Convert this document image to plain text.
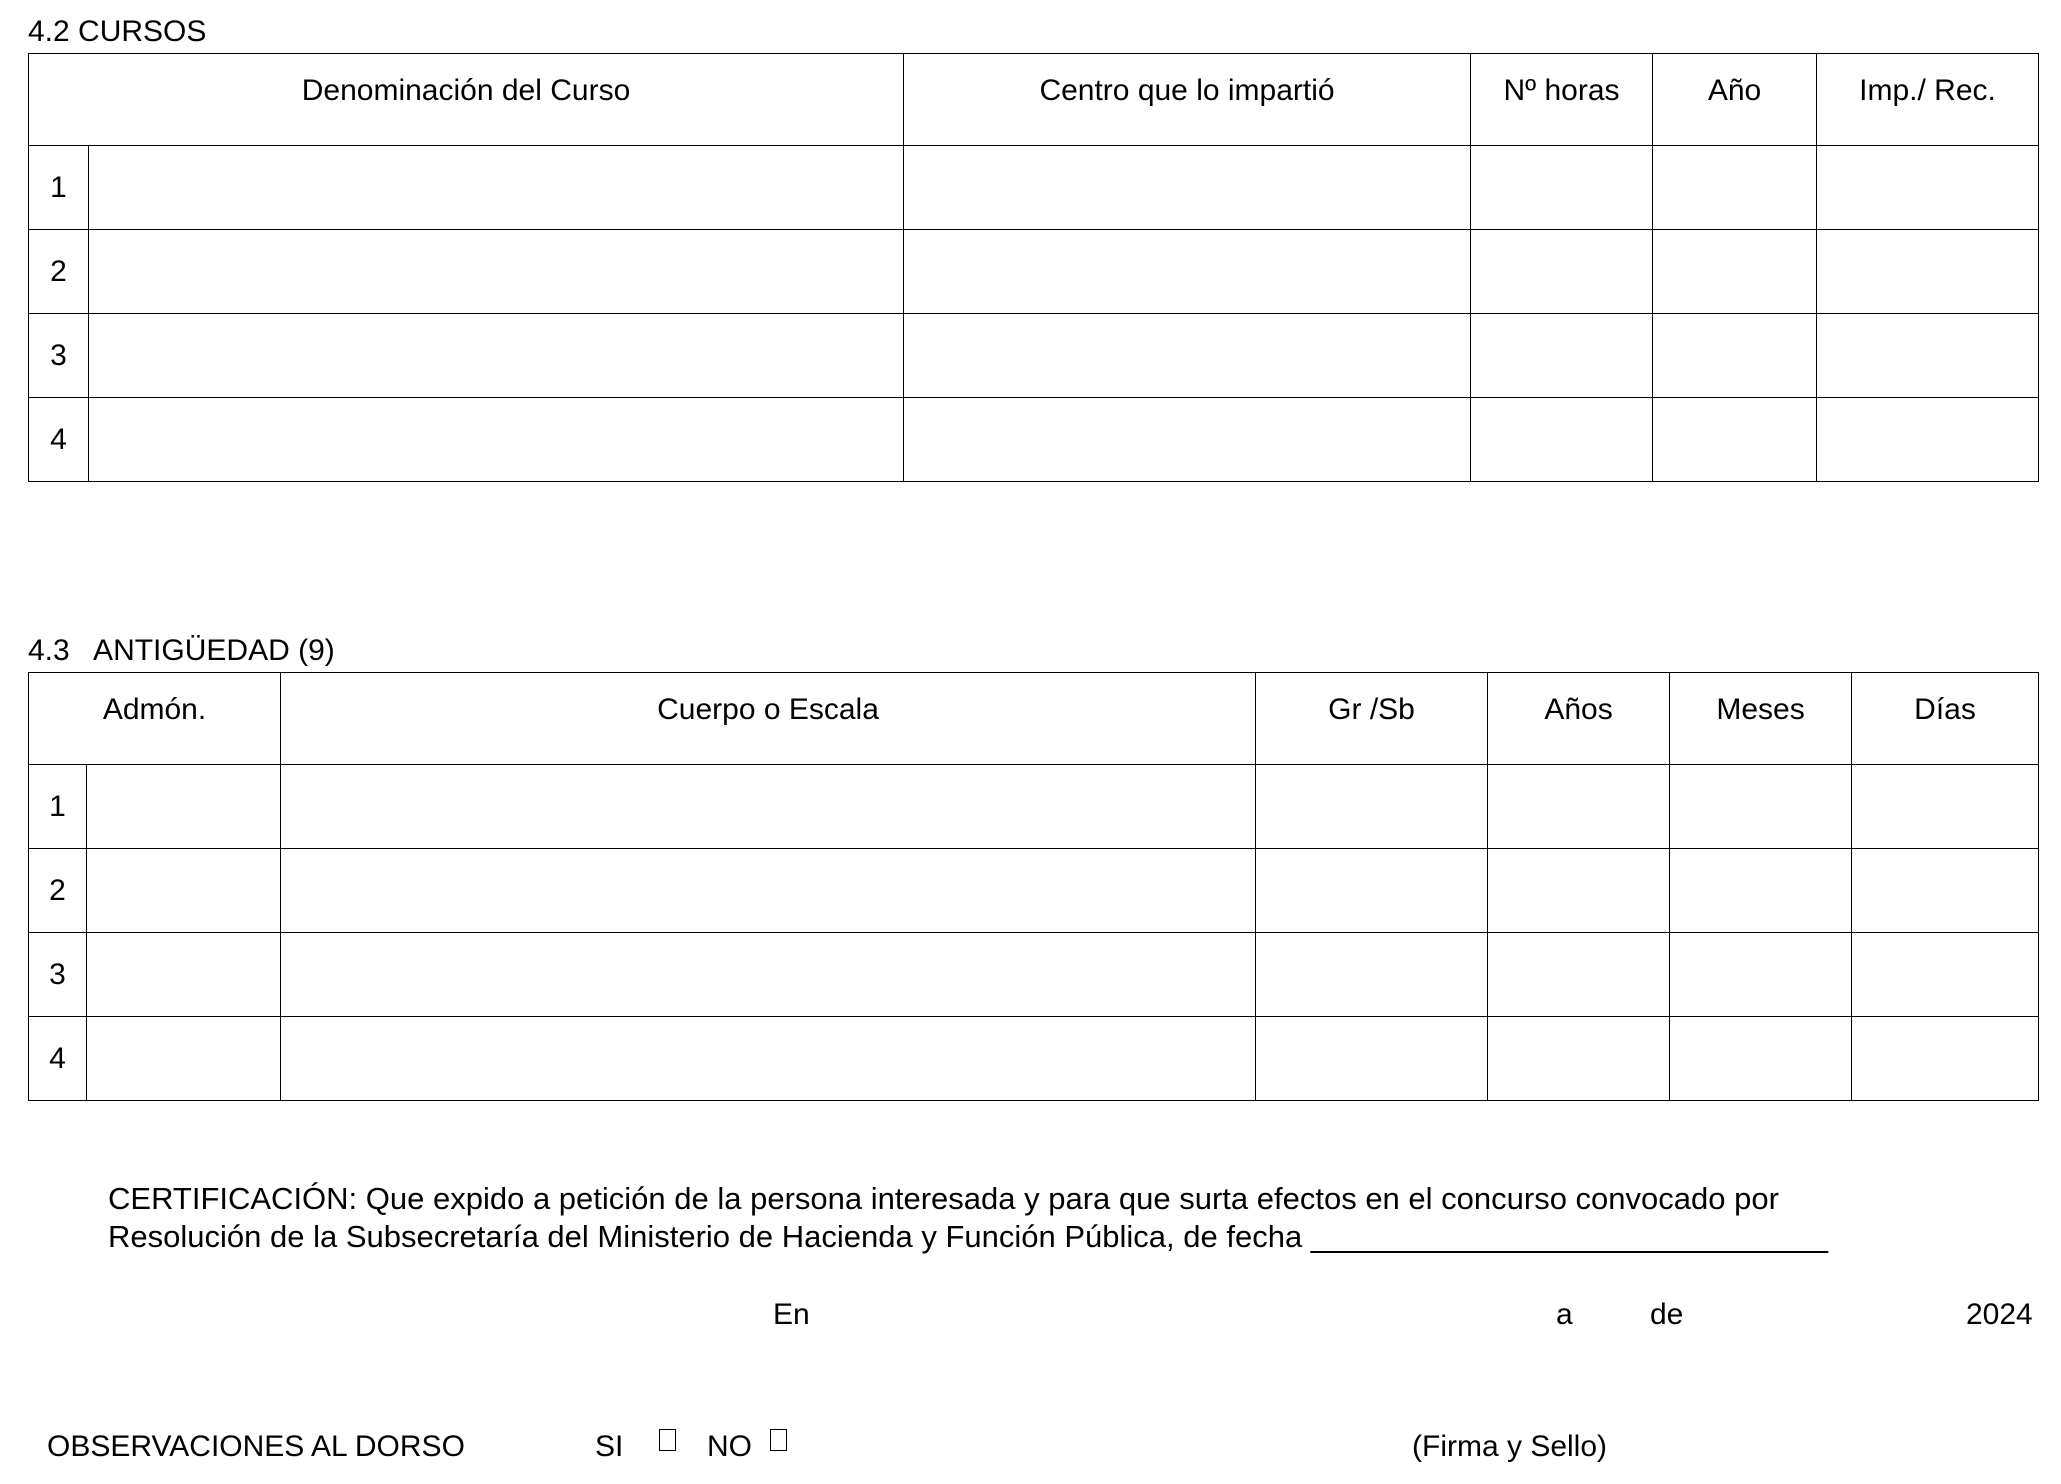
4.2 CURSOS
Denominación del Curso		Centro que lo impartió	Nº horas	Año	Imp./ Rec.
1					
2					
3					
4					
4.3   ANTIGÜEDAD (9)
Admón.		Cuerpo o Escala	Gr /Sb	Años	Meses	Días
1						
2						
3						
4						
CERTIFICACIÓN: Que expido a petición de la persona interesada y para que surta efectos en el concurso convocado por
Resolución de la Subsecretaría del Ministerio de Hacienda y Función Pública, de fecha ______________________________
En	a	de	2024
OBSERVACIONES AL DORSO	SI	NO	(Firma y Sello)
